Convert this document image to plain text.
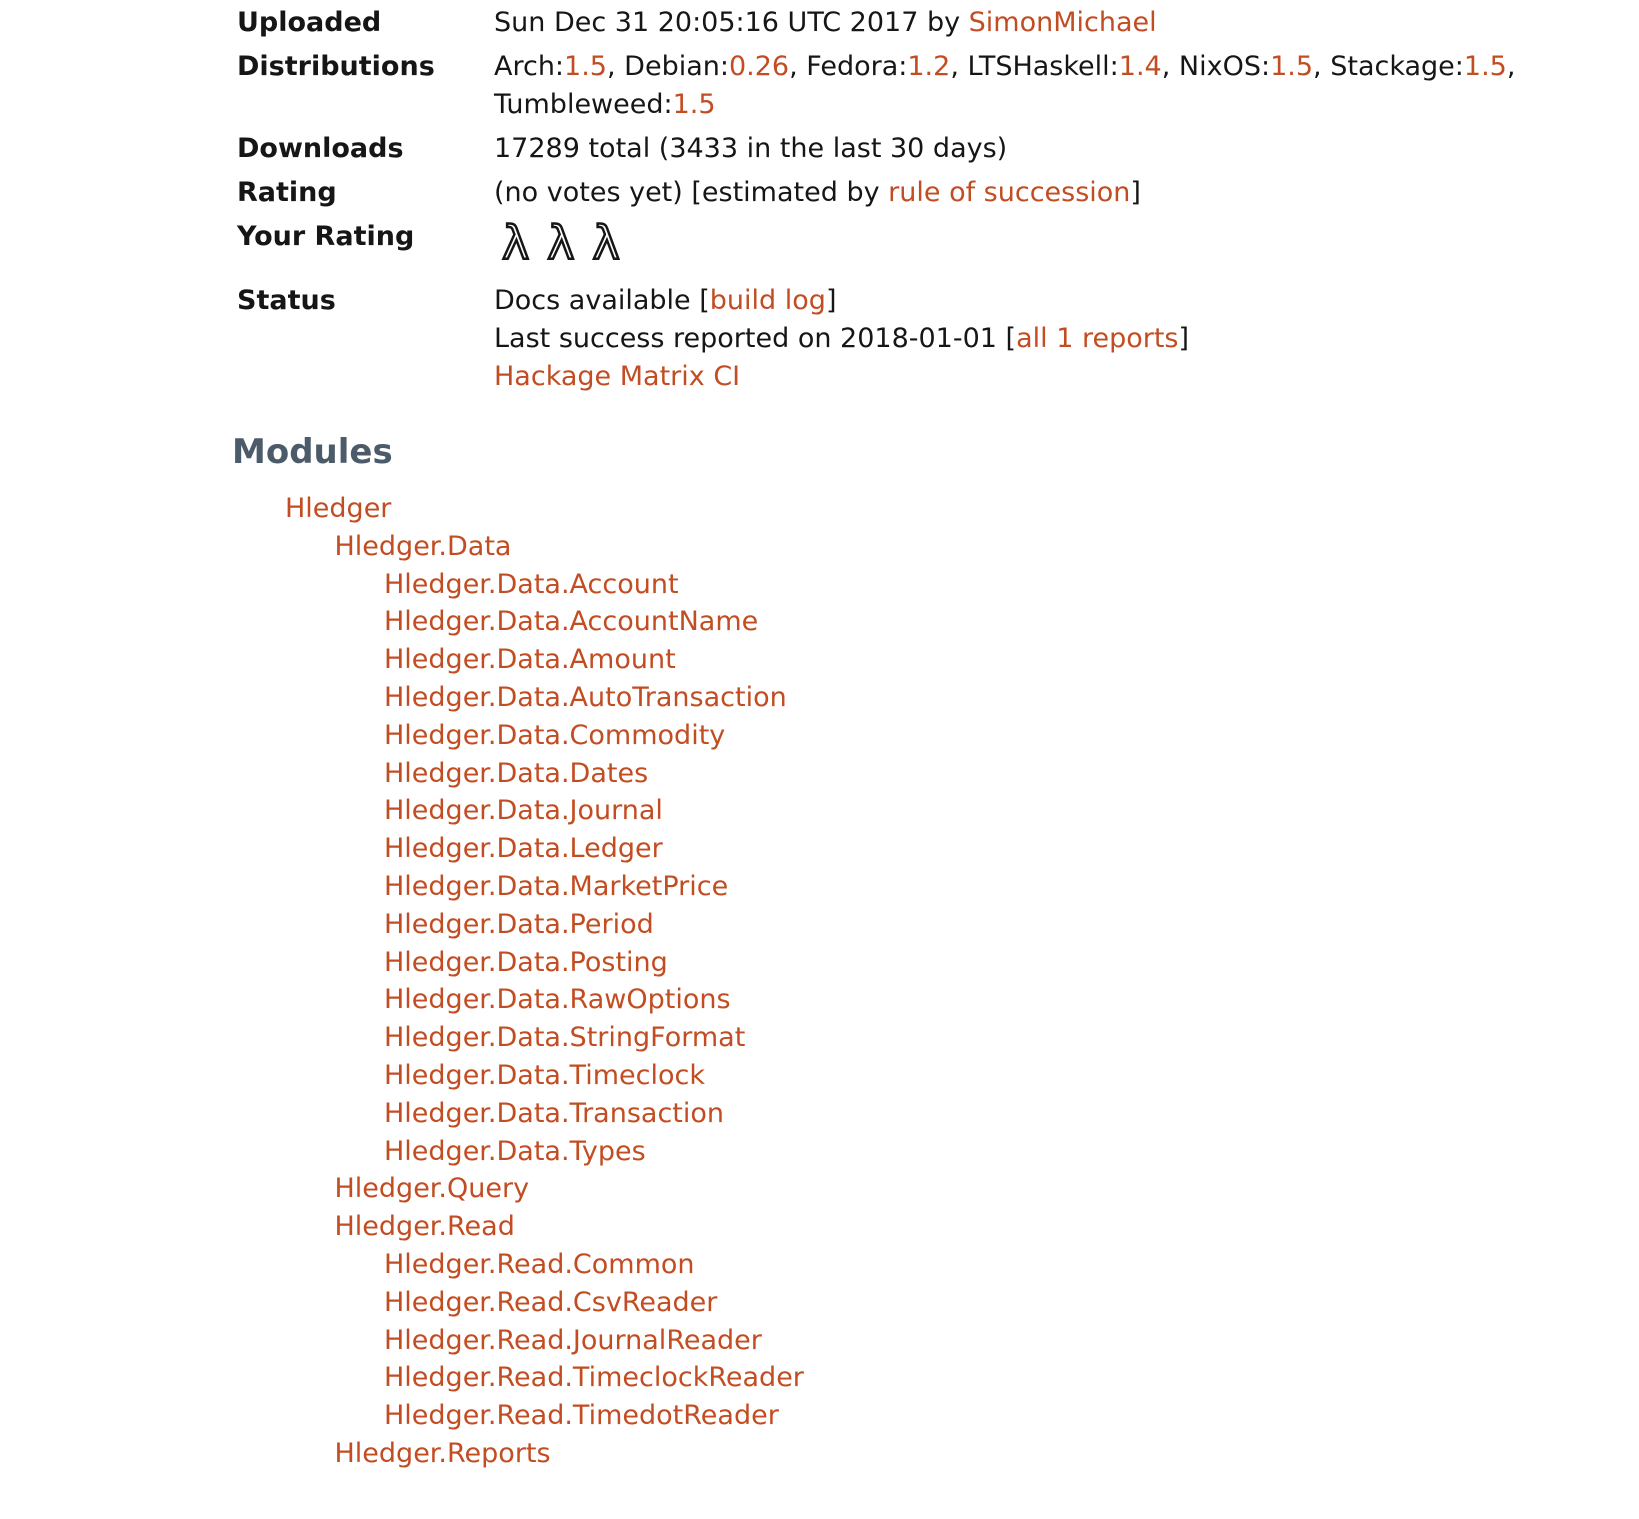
Uploaded	Sun Dec 31 20:05:16 UTC 2017 by SimonMichael
Distributions	Arch:1.5, Debian:0.26, Fedora:1.2, LTSHaskell:1.4, NixOS:1.5, Stackage:1.5, Tumbleweed:1.5
Downloads	17289 total (3433 in the last 30 days)
Rating	(no votes yet) [estimated by rule of succession]
Your Rating	λ λ λ
Status	Docs available [build log]
Last success reported on 2018-01-01 [all 1 reports]
Hackage Matrix CI
Modules
Hledger
Hledger.Data
Hledger.Data.Account
Hledger.Data.AccountName
Hledger.Data.Amount
Hledger.Data.AutoTransaction
Hledger.Data.Commodity
Hledger.Data.Dates
Hledger.Data.Journal
Hledger.Data.Ledger
Hledger.Data.MarketPrice
Hledger.Data.Period
Hledger.Data.Posting
Hledger.Data.RawOptions
Hledger.Data.StringFormat
Hledger.Data.Timeclock
Hledger.Data.Transaction
Hledger.Data.Types
Hledger.Query
Hledger.Read
Hledger.Read.Common
Hledger.Read.CsvReader
Hledger.Read.JournalReader
Hledger.Read.TimeclockReader
Hledger.Read.TimedotReader
Hledger.Reports
